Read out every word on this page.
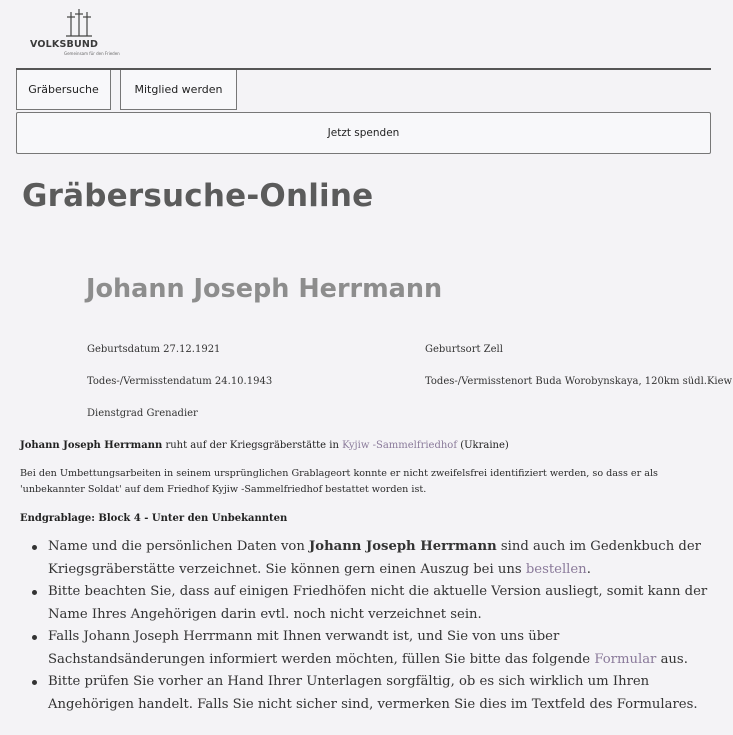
VOLKSBUND
Gemeinsam für den Frieden
Gräbersuche	Mitglied werden
Jetzt spenden
Gräbersuche-Online
Johann Joseph Herrmann
Geburtsdatum 27.12.1921	Geburtsort Zell
Todes-/Vermisstendatum 24.10.1943	Todes-/Vermisstenort Buda Worobynskaya, 120km südl.Kiew
Dienstgrad Grenadier
Johann Joseph Herrmann ruht auf der Kriegsgräberstätte in Kyjiw -Sammelfriedhof (Ukraine)
Bei den Umbettungsarbeiten in seinem ursprünglichen Grablageort konnte er nicht zweifelsfrei identifiziert werden, so dass er als 'unbekannter Soldat' auf dem Friedhof Kyjiw -Sammelfriedhof bestattet worden ist.
Endgrablage: Block 4 - Unter den Unbekannten
Name und die persönlichen Daten von Johann Joseph Herrmann sind auch im Gedenkbuch der Kriegsgräberstätte verzeichnet. Sie können gern einen Auszug bei uns bestellen.
Bitte beachten Sie, dass auf einigen Friedhöfen nicht die aktuelle Version ausliegt, somit kann der Name Ihres Angehörigen darin evtl. noch nicht verzeichnet sein.
Falls Johann Joseph Herrmann mit Ihnen verwandt ist, und Sie von uns über Sachstandsänderungen informiert werden möchten, füllen Sie bitte das folgende Formular aus.
Bitte prüfen Sie vorher an Hand Ihrer Unterlagen sorgfältig, ob es sich wirklich um Ihren Angehörigen handelt. Falls Sie nicht sicher sind, vermerken Sie dies im Textfeld des Formulares.
